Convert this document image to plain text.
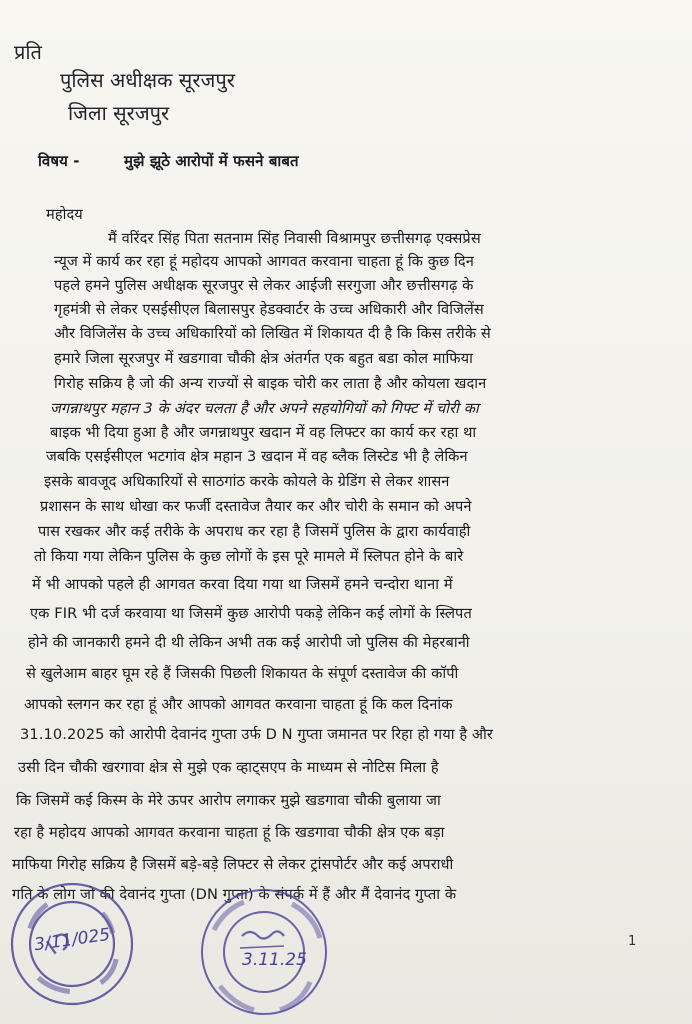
प्रति
पुलिस अधीक्षक सूरजपुर
जिला सूरजपुर
विषय -	मुझे झूठे आरोपों में फसने बाबत
महोदय
मैं वरिंदर सिंह पिता सतनाम सिंह निवासी विश्रामपुर छत्तीसगढ़ एक्सप्रेस
न्यूज में कार्य कर रहा हूं महोदय आपको आगवत करवाना चाहता हूं कि कुछ दिन
पहले हमने पुलिस अधीक्षक सूरजपुर से लेकर आईजी सरगुजा और छत्तीसगढ़ के
गृहमंत्री से लेकर एसईसीएल बिलासपुर हेडक्वार्टर के उच्च अधिकारी और विजिलेंस
और विजिलेंस के उच्च अधिकारियों को लिखित में शिकायत दी है कि किस तरीके से
हमारे जिला सूरजपुर में खडगावा चौकी क्षेत्र अंतर्गत एक बहुत बडा कोल माफिया
गिरोह सक्रिय है जो की अन्य राज्यों से बाइक चोरी कर लाता है और कोयला खदान
जगन्नाथपुर महान 3 के अंदर चलता है और अपने सहयोगियों को गिफ्ट में चोरी का
बाइक भी दिया हुआ है और जगन्नाथपुर खदान में वह लिफ्टर का कार्य कर रहा था
जबकि एसईसीएल भटगांव क्षेत्र महान 3 खदान में वह ब्लैक लिस्टेड भी है लेकिन
इसके बावजूद अधिकारियों से साठगांठ करके कोयले के ग्रेडिंग से लेकर शासन
प्रशासन के साथ धोखा कर फर्जी दस्तावेज तैयार कर और चोरी के समान को अपने
पास रखकर और कई तरीके के अपराध कर रहा है जिसमें पुलिस के द्वारा कार्यवाही
तो किया गया लेकिन पुलिस के कुछ लोगों के इस पूरे मामले में स्लिपत होने के बारे
में भी आपको पहले ही आगवत करवा दिया गया था जिसमें हमने चन्दोरा थाना में
एक FIR भी दर्ज करवाया था जिसमें कुछ आरोपी पकड़े लेकिन कई लोगों के स्लिपत
होने की जानकारी हमने दी थी लेकिन अभी तक कई आरोपी जो पुलिस की मेहरबानी
से खुलेआम बाहर घूम रहे हैं जिसकी पिछली शिकायत के संपूर्ण दस्तावेज की कॉपी
आपको स्लगन कर रहा हूं और आपको आगवत करवाना चाहता हूं कि कल दिनांक
31.10.2025 को आरोपी देवानंद गुप्ता उर्फ D N गुप्ता जमानत पर रिहा हो गया है और
उसी दिन चौकी खरगावा क्षेत्र से मुझे एक व्हाट्सएप के माध्यम से नोटिस मिला है
कि जिसमें कई किस्म के मेरे ऊपर आरोप लगाकर मुझे खडगावा चौकी बुलाया जा
रहा है महोदय आपको आगवत करवाना चाहता हूं कि खडगावा चौकी क्षेत्र एक बड़ा
माफिया गिरोह सक्रिय है जिसमें बड़े-बड़े लिफ्टर से लेकर ट्रांसपोर्टर और कई अपराधी
गति के लोग जो की देवानंद गुप्ता (DN गुप्ता) के संपर्क में हैं और मैं देवानंद गुप्ता के
3/11/025
3.11.25
1
